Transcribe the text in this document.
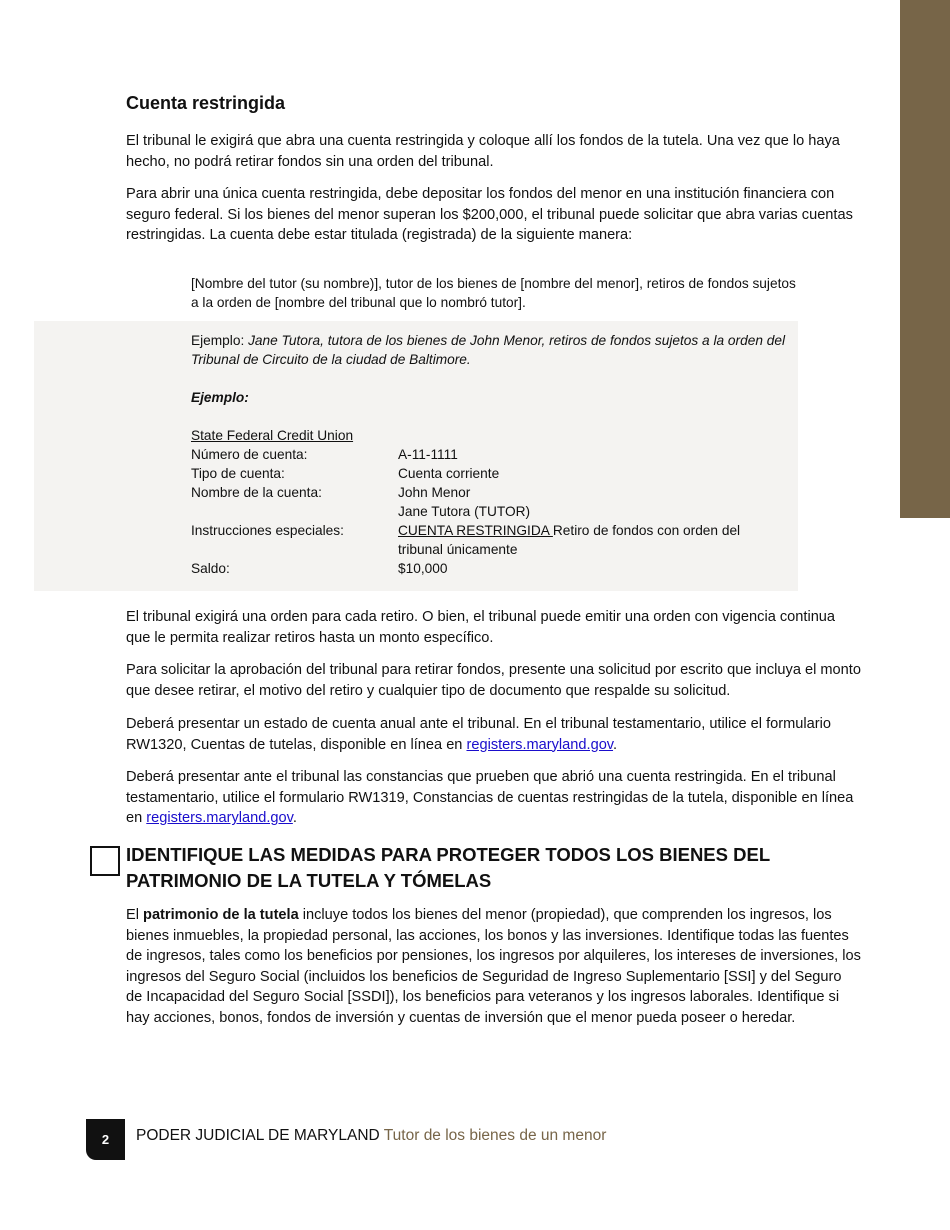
Cuenta restringida

El tribunal le exigirá que abra una cuenta restringida y coloque allí los fondos de la tutela. Una vez que lo haya hecho, no podrá retirar fondos sin una orden del tribunal.

Para abrir una única cuenta restringida, debe depositar los fondos del menor en una institución financiera con seguro federal. Si los bienes del menor superan los $200,000, el tribunal puede solicitar que abra varias cuentas restringidas. La cuenta debe estar titulada (registrada) de la siguiente manera:

[Nombre del tutor (su nombre)], tutor de los bienes de [nombre del menor], retiros de fondos sujetos a la orden de [nombre del tribunal que lo nombró tutor].

Ejemplo: Jane Tutora, tutora de los bienes de John Menor, retiros de fondos sujetos a la orden del Tribunal de Circuito de la ciudad de Baltimore.

Ejemplo:
State Federal Credit Union
Número de cuenta:	A-11-1111
Tipo de cuenta:	Cuenta corriente
Nombre de la cuenta:	John Menor
Jane Tutora (TUTOR)
Instrucciones especiales:	CUENTA RESTRINGIDA Retiro de fondos con orden del
tribunal únicamente
Saldo:	$10,000

El tribunal exigirá una orden para cada retiro. O bien, el tribunal puede emitir una orden con vigencia continua que le permita realizar retiros hasta un monto específico.

Para solicitar la aprobación del tribunal para retirar fondos, presente una solicitud por escrito que incluya el monto que desee retirar, el motivo del retiro y cualquier tipo de documento que respalde su solicitud.

Deberá presentar un estado de cuenta anual ante el tribunal. En el tribunal testamentario, utilice el formulario RW1320, Cuentas de tutelas, disponible en línea en registers.maryland.gov.

Deberá presentar ante el tribunal las constancias que prueben que abrió una cuenta restringida. En el tribunal testamentario, utilice el formulario RW1319, Constancias de cuentas restringidas de la tutela, disponible en línea en registers.maryland.gov.

IDENTIFIQUE LAS MEDIDAS PARA PROTEGER TODOS LOS BIENES DEL PATRIMONIO DE LA TUTELA Y TÓMELAS

El patrimonio de la tutela incluye todos los bienes del menor (propiedad), que comprenden los ingresos, los bienes inmuebles, la propiedad personal, las acciones, los bonos y las inversiones. Identifique todas las fuentes de ingresos, tales como los beneficios por pensiones, los ingresos por alquileres, los intereses de inversiones, los ingresos del Seguro Social (incluidos los beneficios de Seguridad de Ingreso Suplementario [SSI] y del Seguro de Incapacidad del Seguro Social [SSDI]), los beneficios para veteranos y los ingresos laborales. Identifique si hay acciones, bonos, fondos de inversión y cuentas de inversión que el menor pueda poseer o heredar.

2	PODER JUDICIAL DE MARYLAND Tutor de los bienes de un menor
